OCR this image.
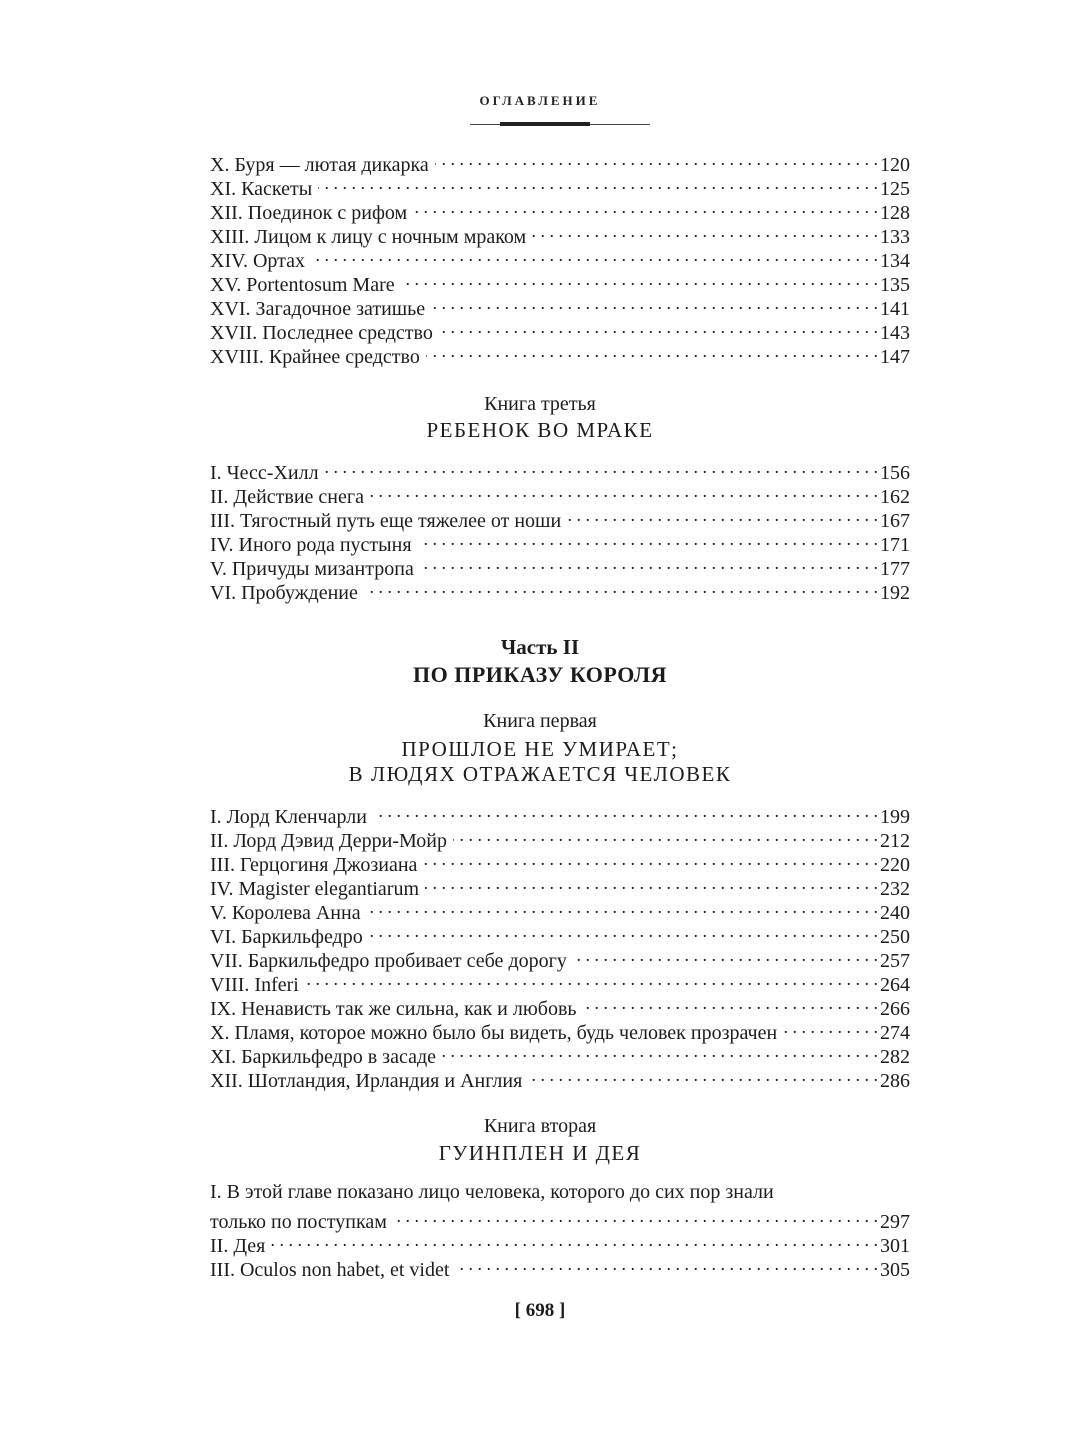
ОГЛАВЛЕНИЕ
X. Буря — лютая дикарка . . .	120
XI. Каскеты . . .	125
XII. Поединок с рифом . . .	128
XIII. Лицом к лицу с ночным мраком . . .	133
XIV. Ортах . . .	134
XV. Portentosum Mare . . .	135
XVI. Загадочное затишье . . .	141
XVII. Последнее средство . . .	143
XVIII. Крайнее средство . . .	147
Книга третья
РЕБЕНОК ВО МРАКЕ
I. Чесс-Хилл . . .	156
II. Действие снега . . .	162
III. Тягостный путь еще тяжелее от ноши . . .	167
IV. Иного рода пустыня . . .	171
V. Причуды мизантропа . . .	177
VI. Пробуждение . . .	192
Часть II
ПО ПРИКАЗУ КОРОЛЯ
Книга первая
ПРОШЛОЕ НЕ УМИРАЕТ;
В ЛЮДЯХ ОТРАЖАЕТСЯ ЧЕЛОВЕК
I. Лорд Кленчарли . . .	199
II. Лорд Дэвид Дерри-Мойр . . .	212
III. Герцогиня Джозиана . . .	220
IV. Magister elegantiarum . . .	232
V. Королева Анна . . .	240
VI. Баркильфедро . . .	250
VII. Баркильфедро пробивает себе дорогу . . .	257
VIII. Inferi . . .	264
IX. Ненависть так же сильна, как и любовь . . .	266
X. Пламя, которое можно было бы видеть, будь человек прозрачен . . .	274
XI. Баркильфедро в засаде . . .	282
XII. Шотландия, Ирландия и Англия . . .	286
Книга вторая
ГУИНПЛЕН И ДЕЯ
I. В этой главе показано лицо человека, которого до сих пор знали
только по поступкам . . .	297
II. Дея . . .	301
III. Oculos non habet, et videt . . .	305
[ 698 ]
